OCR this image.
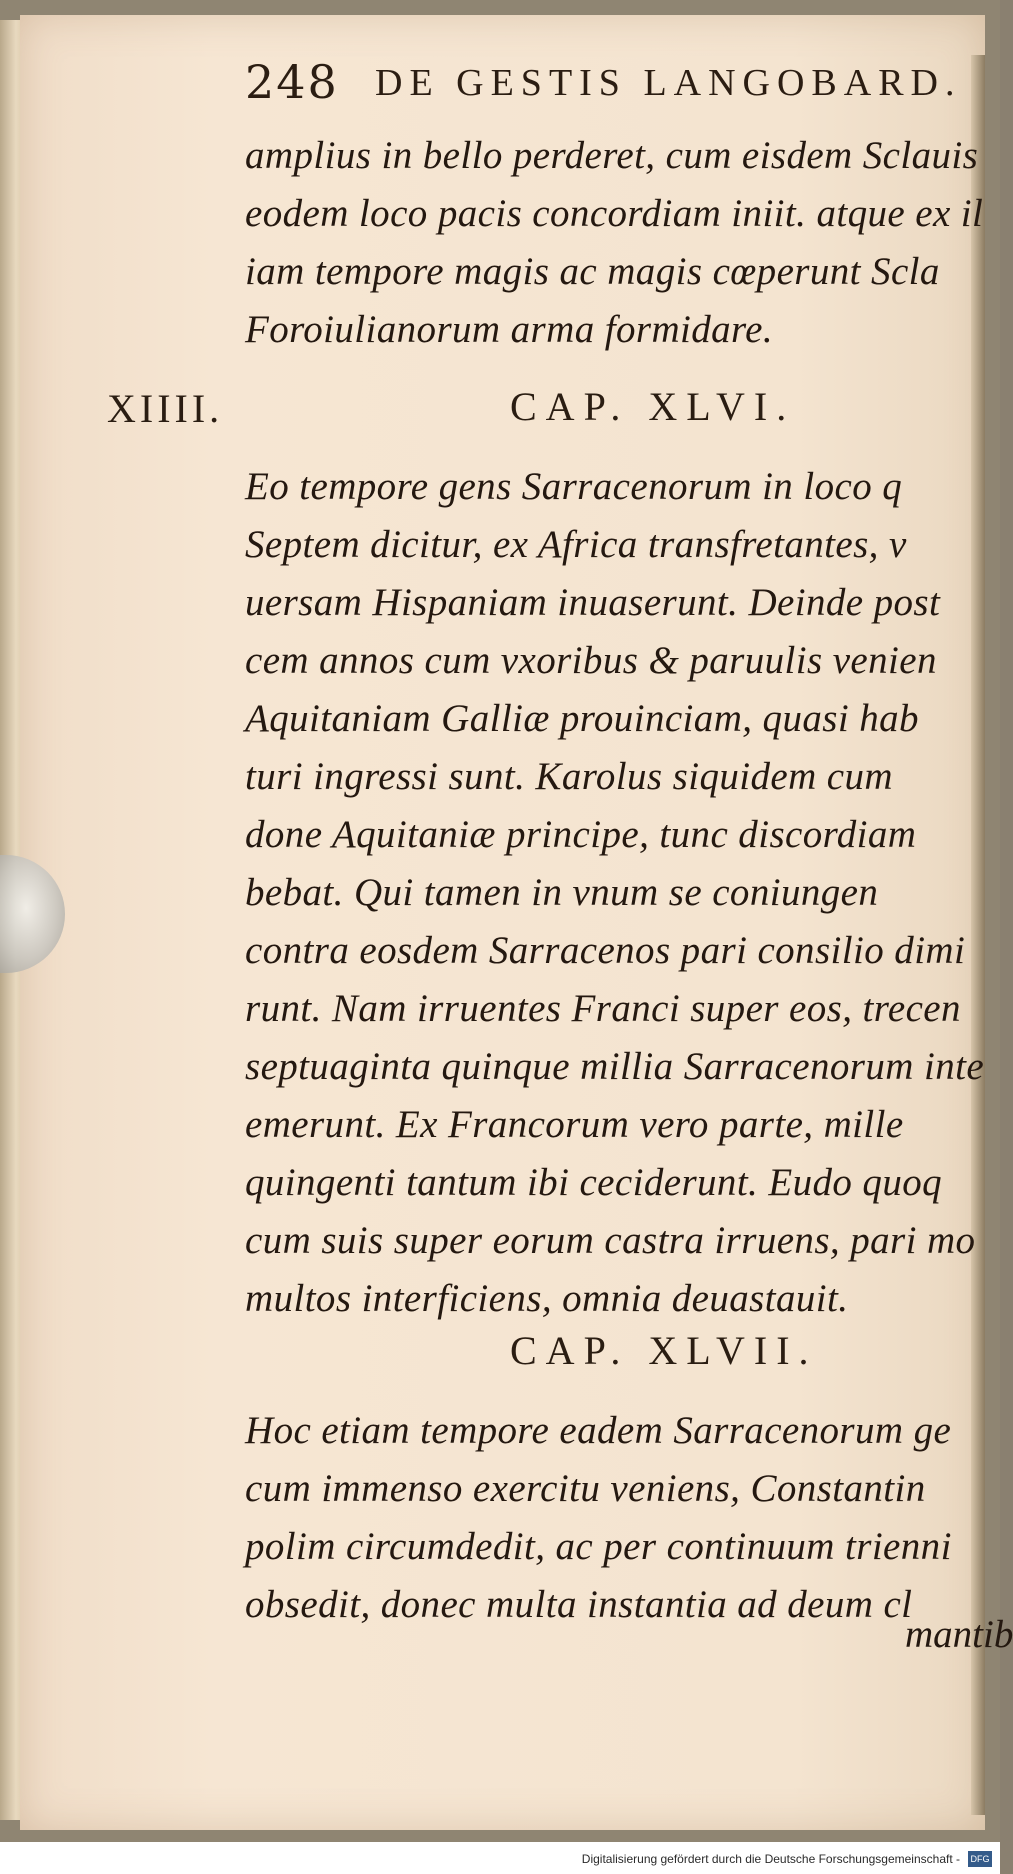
248 DE GESTIS LANGOBARD.
amplius in bello perderet, cum eisdem Sclauis
eodem loco pacis concordiam iniit. atque ex il
iam tempore magis ac magis cœperunt Scla
Foroiulianorum arma formidare.
XIIII.	CAP. XLVI.
Eo tempore gens Sarracenorum in loco q
Septem dicitur, ex Africa transfretantes, v
uersam Hispaniam inuaserunt. Deinde post
cem annos cum vxoribus & paruulis venien
Aquitaniam Galliæ prouinciam, quasi hab
turi ingressi sunt. Karolus siquidem cum
done Aquitaniæ principe, tunc discordiam
bebat. Qui tamen in vnum se coniungen
contra eosdem Sarracenos pari consilio dimi
runt. Nam irruentes Franci super eos, trecen
septuaginta quinque millia Sarracenorum inte
emerunt. Ex Francorum vero parte, mille
quingenti tantum ibi ceciderunt. Eudo quoq
cum suis super eorum castra irruens, pari mo
multos interficiens, omnia deuastauit.
CAP. XLVII.
Hoc etiam tempore eadem Sarracenorum ge
cum immenso exercitu veniens, Constantin
polim circumdedit, ac per continuum trienni
obsedit, donec multa instantia ad deum cl
mantib
Digitalisierung gefördert durch die Deutsche Forschungsgemeinschaft - DFG
